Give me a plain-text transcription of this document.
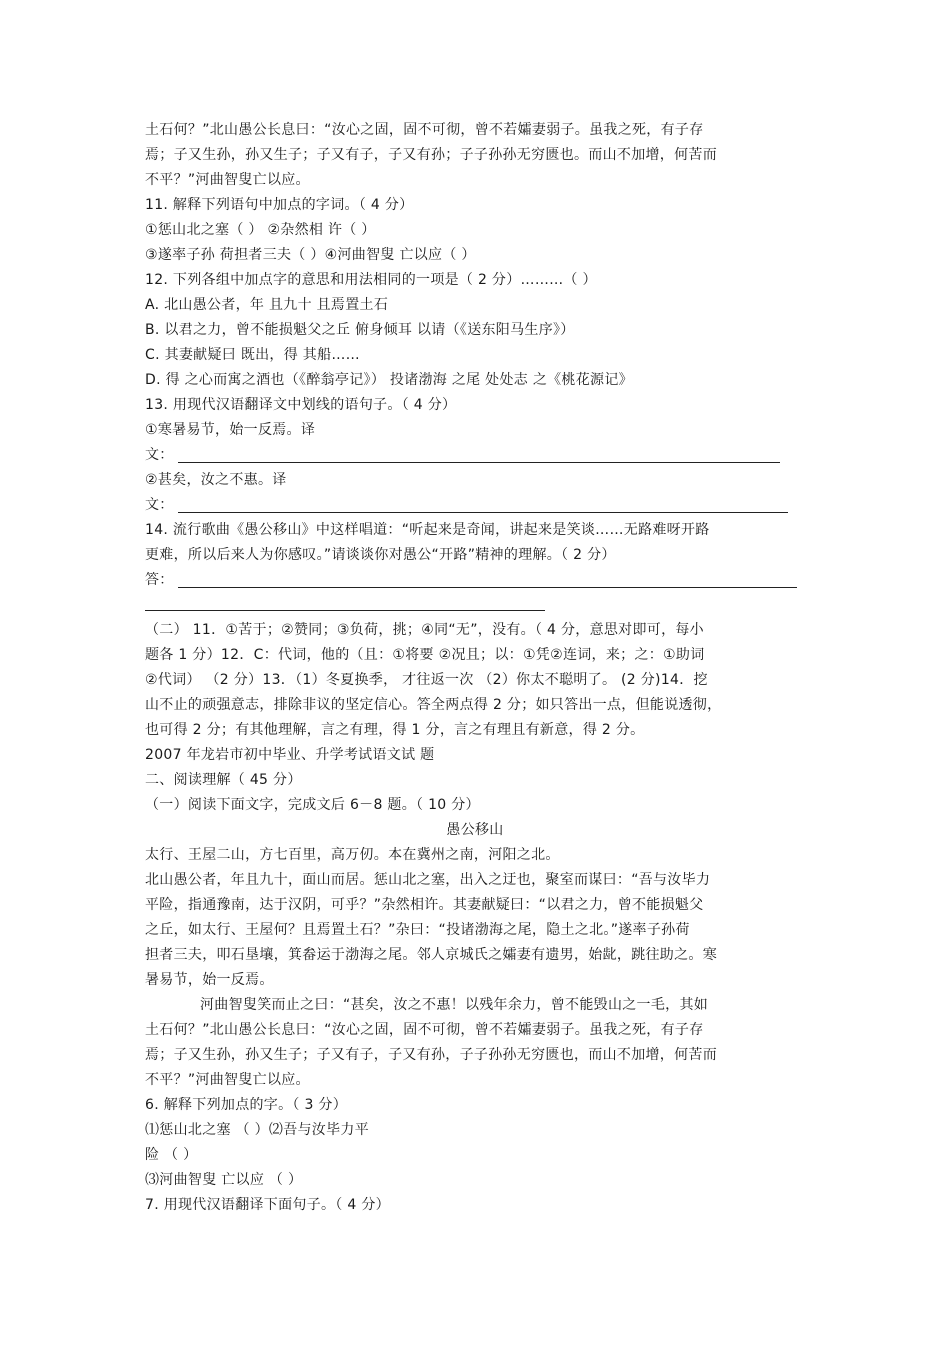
土石何？”北山愚公长息曰：“汝心之固，固不可彻，曾不若孀妻弱子。虽我之死，有子存
焉；子又生孙，孙又生子；子又有子，子又有孙；子子孙孙无穷匮也。而山不加增，何苦而
不平？”河曲智叟亡以应。
11. 解释下列语句中加点的字词。（ 4 分）
①惩山北之塞（ ） ②杂然相 许（ ）
③遂率子孙 荷担者三夫（ ）④河曲智叟 亡以应（ ）
12. 下列各组中加点字的意思和用法相同的一项是（ 2 分）………（ ）
A. 北山愚公者，年 且九十 且焉置土石
B. 以君之力，曾不能损魁父之丘 俯身倾耳 以请（《送东阳马生序》）
C. 其妻献疑曰 既出，得 其船……
D. 得 之心而寓之酒也（《醉翁亭记》） 投诸渤海 之尾 处处志 之《桃花源记》
13. 用现代汉语翻译文中划线的语句子。（ 4 分）
①寒暑易节，始一反焉。译
文：
②甚矣，汝之不惠。译
文：
14. 流行歌曲《愚公移山》中这样唱道：“听起来是奇闻，讲起来是笑谈……无路难呀开路
更难，所以后来人为你感叹。”请谈谈你对愚公“开路”精神的理解。（ 2 分）
答：
（二） 11．①苦于；②赞同；③负荷，挑；④同“无”，没有。（ 4 分，意思对即可，每小
题各 1 分）12．C：代词，他的（且：①将要 ②况且；以：①凭②连词，来；之：①助词
②代词） （2 分）13．（1）冬夏换季， 才往返一次 （2）你太不聪明了。 (2 分)14．挖
山不止的顽强意志，排除非议的坚定信心。答全两点得 2 分；如只答出一点，但能说透彻，
也可得 2 分；有其他理解，言之有理，得 1 分，言之有理且有新意，得 2 分。
2007 年龙岩市初中毕业、升学考试语文试 题
二、阅读理解（ 45 分）
（一）阅读下面文字，完成文后 6－8 题。（ 10 分）
愚公移山
太行、王屋二山，方七百里，高万仞。本在冀州之南，河阳之北。
北山愚公者，年且九十，面山而居。惩山北之塞，出入之迂也，聚室而谋曰：“吾与汝毕力
平险，指通豫南，达于汉阴，可乎？”杂然相许。其妻献疑曰：“以君之力，曾不能损魁父
之丘，如太行、王屋何？且焉置土石？”杂曰：“投诸渤海之尾，隐土之北。”遂率子孙荷
担者三夫，叩石垦壤，箕畚运于渤海之尾。邻人京城氏之孀妻有遗男，始龀，跳往助之。寒
暑易节，始一反焉。
河曲智叟笑而止之曰：“甚矣，汝之不惠！以残年余力，曾不能毁山之一毛，其如
土石何？”北山愚公长息曰：“汝心之固，固不可彻，曾不若孀妻弱子。虽我之死，有子存
焉；子又生孙，孙又生子；子又有子，子又有孙，子子孙孙无穷匮也，而山不加增，何苦而
不平？”河曲智叟亡以应。
6. 解释下列加点的字。（ 3 分）
⑴惩山北之塞 （ ）⑵吾与汝毕力平
险 （ ）
⑶河曲智叟 亡以应 （ ）
7. 用现代汉语翻译下面句子。（ 4 分）
